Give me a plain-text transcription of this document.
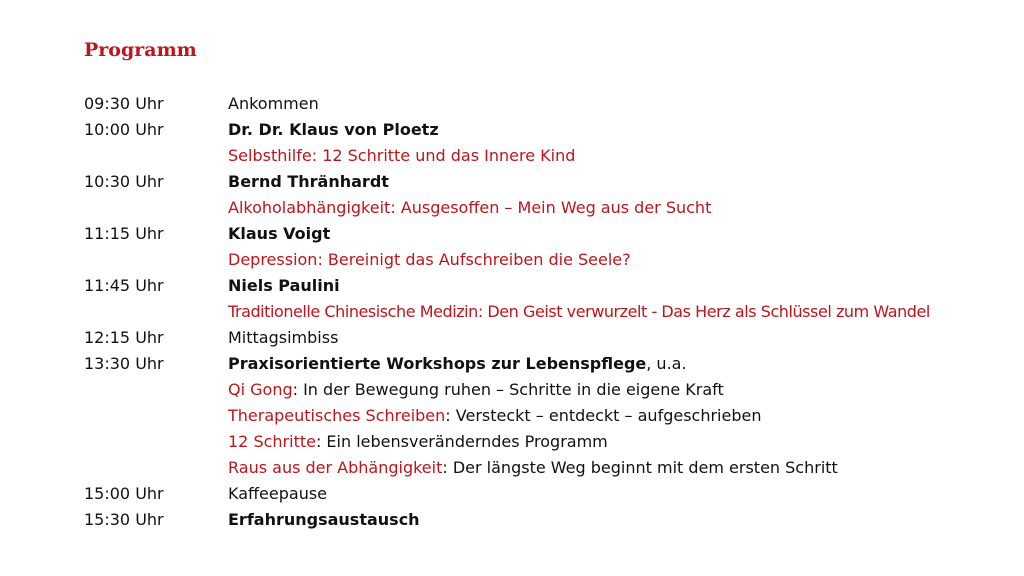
Programm
09:30 Uhr	Ankommen
10:00 Uhr	Dr. Dr. Klaus von Ploetz
Selbsthilfe: 12 Schritte und das Innere Kind
10:30 Uhr	Bernd Thränhardt
Alkoholabhängigkeit: Ausgesoffen – Mein Weg aus der Sucht
11:15 Uhr	Klaus Voigt
Depression: Bereinigt das Aufschreiben die Seele?
11:45 Uhr	Niels Paulini
Traditionelle Chinesische Medizin: Den Geist verwurzelt - Das Herz als Schlüssel zum Wandel
12:15 Uhr	Mittagsimbiss
13:30 Uhr	Praxisorientierte Workshops zur Lebenspflege, u.a.
Qi Gong: In der Bewegung ruhen – Schritte in die eigene Kraft
Therapeutisches Schreiben: Versteckt – entdeckt – aufgeschrieben
12 Schritte: Ein lebensveränderndes Programm
Raus aus der Abhängigkeit: Der längste Weg beginnt mit dem ersten Schritt
15:00 Uhr	Kaffeepause
15:30 Uhr	Erfahrungsaustausch
